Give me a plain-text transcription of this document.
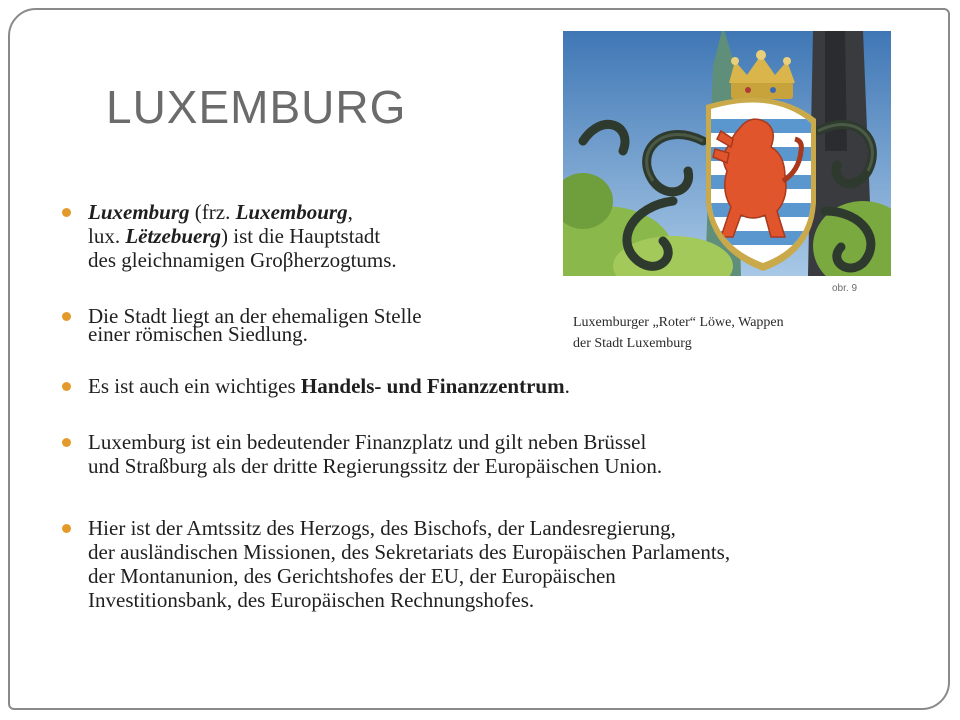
LUXEMBURG
Luxemburg (frz. Luxembourg,
lux. Lëtzebuerg) ist die Hauptstadt
des gleichnamigen Groβherzogtums.
Die Stadt liegt an der ehemaligen Stelle
einer römischen Siedlung.
Es ist auch ein wichtiges Handels- und Finanzzentrum.
Luxemburg ist ein bedeutender Finanzplatz und gilt neben Brüssel
und Straßburg als der dritte Regierungssitz der Europäischen Union.
Hier ist der Amtssitz des Herzogs, des Bischofs, der Landesregierung,
der ausländischen Missionen, des Sekretariats des Europäischen Parlaments,
der Montanunion, des Gerichtshofes der EU, der Europäischen
Investitionsbank, des Europäischen Rechnungshofes.
obr. 9
Luxemburger „Roter“ Löwe, Wappen
der Stadt Luxemburg
